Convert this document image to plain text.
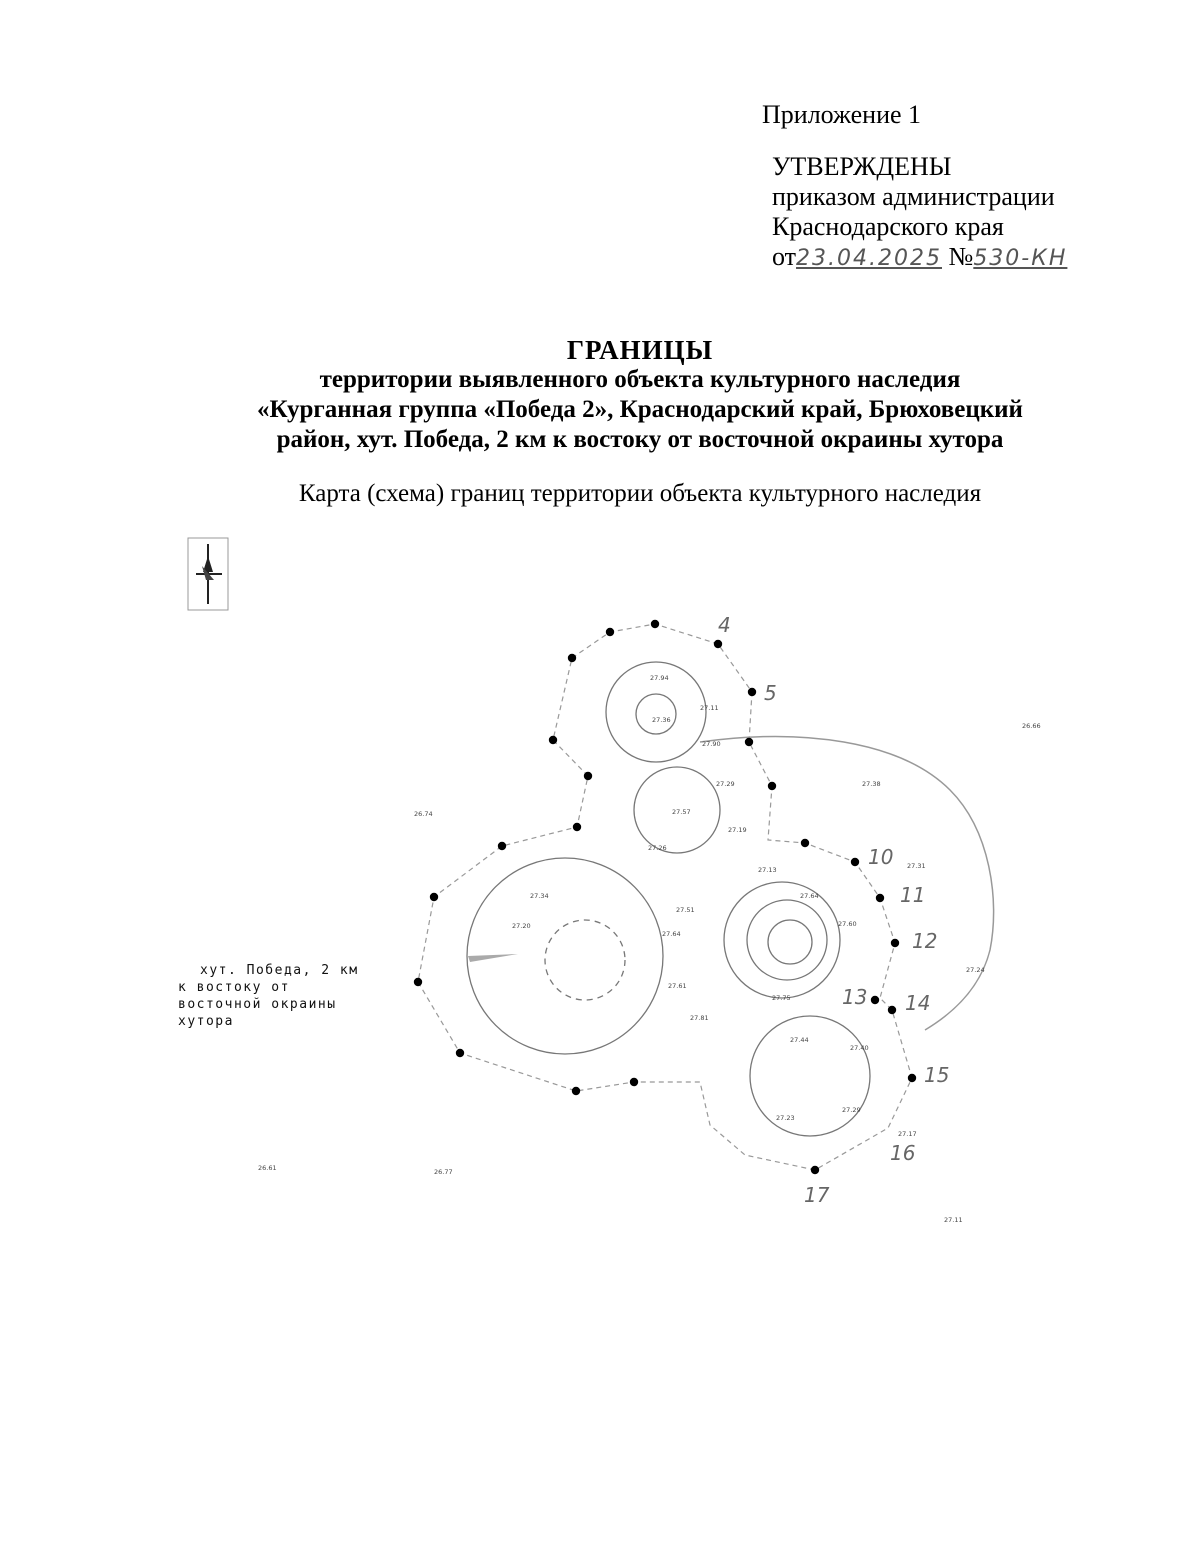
Приложение 1
УТВЕРЖДЕНЫ
приказом администрации
Краснодарского края
от23.04.2025 №530-КН
ГРАНИЦЫ
территории выявленного объекта культурного наследия
«Курганная группа «Победа 2», Краснодарский край, Брюховецкий
район, хут. Победа, 2 км к востоку от восточной окраины хутора
Карта (схема) границ территории объекта культурного наследия
4
5
10
11
12
13 14
15
16
17
27.94
27.11
27.36
27.90
27.29
27.57
27.19
27.26
27.38
27.31
27.13
27.64
27.60
27.34
27.51
27.20
27.64
27.61
27.81
27.75
27.44
27.40
27.29
27.23
27.17
27.24
27.11
26.66
26.74
26.61	26.77
хут. Победа, 2 км
к востоку от
восточной окраины
хутора
